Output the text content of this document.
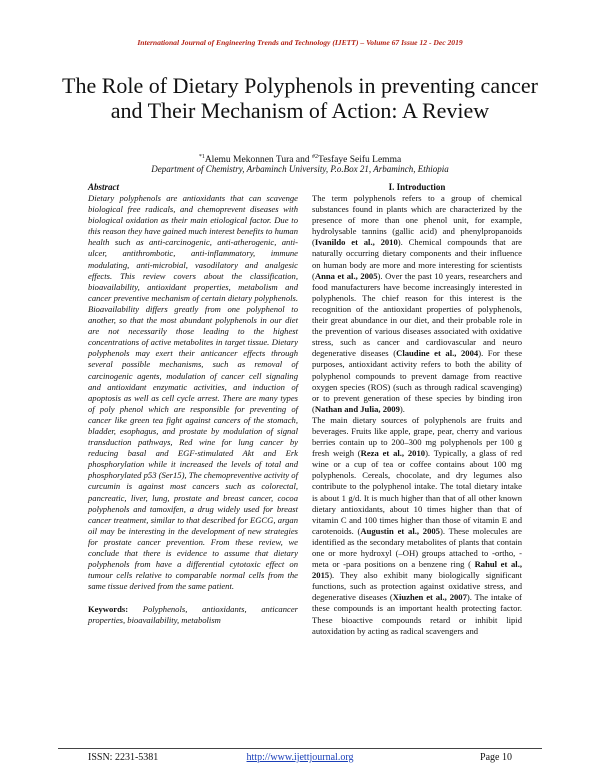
International Journal of Engineering Trends and Technology (IJETT) – Volume 67 Issue 12 - Dec 2019
The Role of Dietary Polyphenols in preventing cancer and Their Mechanism of Action: A Review
$^{*1}$Alemu Mekonnen Tura and $^{\#2}$Tesfaye Seifu Lemma
Department of Chemistry, Arbaminch University, P.o.Box 21, Arbaminch, Ethiopia
Abstract

Dietary polyphenols are antioxidants that can scavenge biological free radicals, and chemoprevent diseases with biological oxidation as their main etiological factor. Due to this reason they have gained much interest benefits to human health such as anti-carcinogenic, anti-atherogenic, anti-ulcer, antithrombotic, anti-inflammatory, immune modulating, anti-microbial, vasodilatory and analgesic effects. This review covers about the classification, bioavailability, antioxidant properties, metabolism and cancer preventive mechanism of certain dietary polyphenols. Bioavailability differs greatly from one polyphenol to another, so that the most abundant polyphenols in our diet are not necessarily those leading to the highest concentrations of active metabolites in target tissue. Dietary polyphenols may exert their anticancer effects through several possible mechanisms, such as removal of carcinogenic agents, modulation of cancer cell signaling and antioxidant enzymatic activities, and induction of apoptosis as well as cell cycle arrest. There are many types of poly phenol which are responsible for preventing of cancer like green tea fight against cancers of the stomach, bladder, esophagus, and prostate by modulation of signal transduction pathways, Red wine for lung cancer by reducing basal and EGF-stimulated Akt and Erk phosphorylation while it increased the levels of total and phosphorylated p53 (Ser15), The chemopreventive activity of curcumin is against most cancers such as colorectal, pancreatic, liver, lung, prostate and breast cancer, cocoa polyphenols and tamoxifen, a drug widely used for breast cancer treatment, similar to that described for EGCG, argan oil may be interesting in the development of new strategies for prostate cancer prevention. From these review, we conclude that there is evidence to assume that dietary polyphenols from have a differential cytotoxic effect on tumour cells relative to comparable normal cells from the same tissue derived from the same patient.

Keywords: Polyphenols, antioxidants, anticancer properties, bioavailability, metabolism

I. Introduction

The term polyphenols refers to a group of chemical substances found in plants which are characterized by the presence of more than one phenol unit, for example, hydrolysable tannins (gallic acid) and phenylpropanoids (Ivanildo et al., 2010). Chemical compounds that are naturally occurring dietary components and their influence on human body are more and more interesting for scientists (Anna et al., 2005). Over the past 10 years, researchers and food manufacturers have become increasingly interested in polyphenols. The chief reason for this interest is the recognition of the antioxidant properties of polyphenols, their great abundance in our diet, and their probable role in the prevention of various diseases associated with oxidative stress, such as cancer and cardiovascular and neuro degenerative diseases (Claudine et al., 2004). For these purposes, antioxidant activity refers to both the ability of polyphenol compounds to prevent damage from reactive oxygen species (ROS) (such as through radical scavenging) or to prevent generation of these species by binding iron (Nathan and Julia, 2009).

The main dietary sources of polyphenols are fruits and beverages. Fruits like apple, grape, pear, cherry and various berries contain up to 200–300 mg polyphenols per 100 g fresh weigh (Reza et al., 2010). Typically, a glass of red wine or a cup of tea or coffee contains about 100 mg polyphenols. Cereals, chocolate, and dry legumes also contribute to the polyphenol intake. The total dietary intake is about 1 g/d. It is much higher than that of all other known dietary antioxidants, about 10 times higher than that of vitamin C and 100 times higher than those of vitamin E and carotenoids. (Augustin et al., 2005). These molecules are identified as the secondary metabolites of plants that contain one or more hydroxyl (–OH) groups attached to -ortho, -meta or -para positions on a benzene ring ( Rahul et al., 2015). They also exhibit many biologically significant functions, such as protection against oxidative stress, and degenerative diseases (Xiuzhen et al., 2007). The intake of these compounds is an important health protecting factor. These bioactive compounds retard or inhibit lipid autoxidation by acting as radical scavengers and

ISSN: 2231-5381	http://www.ijettjournal.org	Page 10
